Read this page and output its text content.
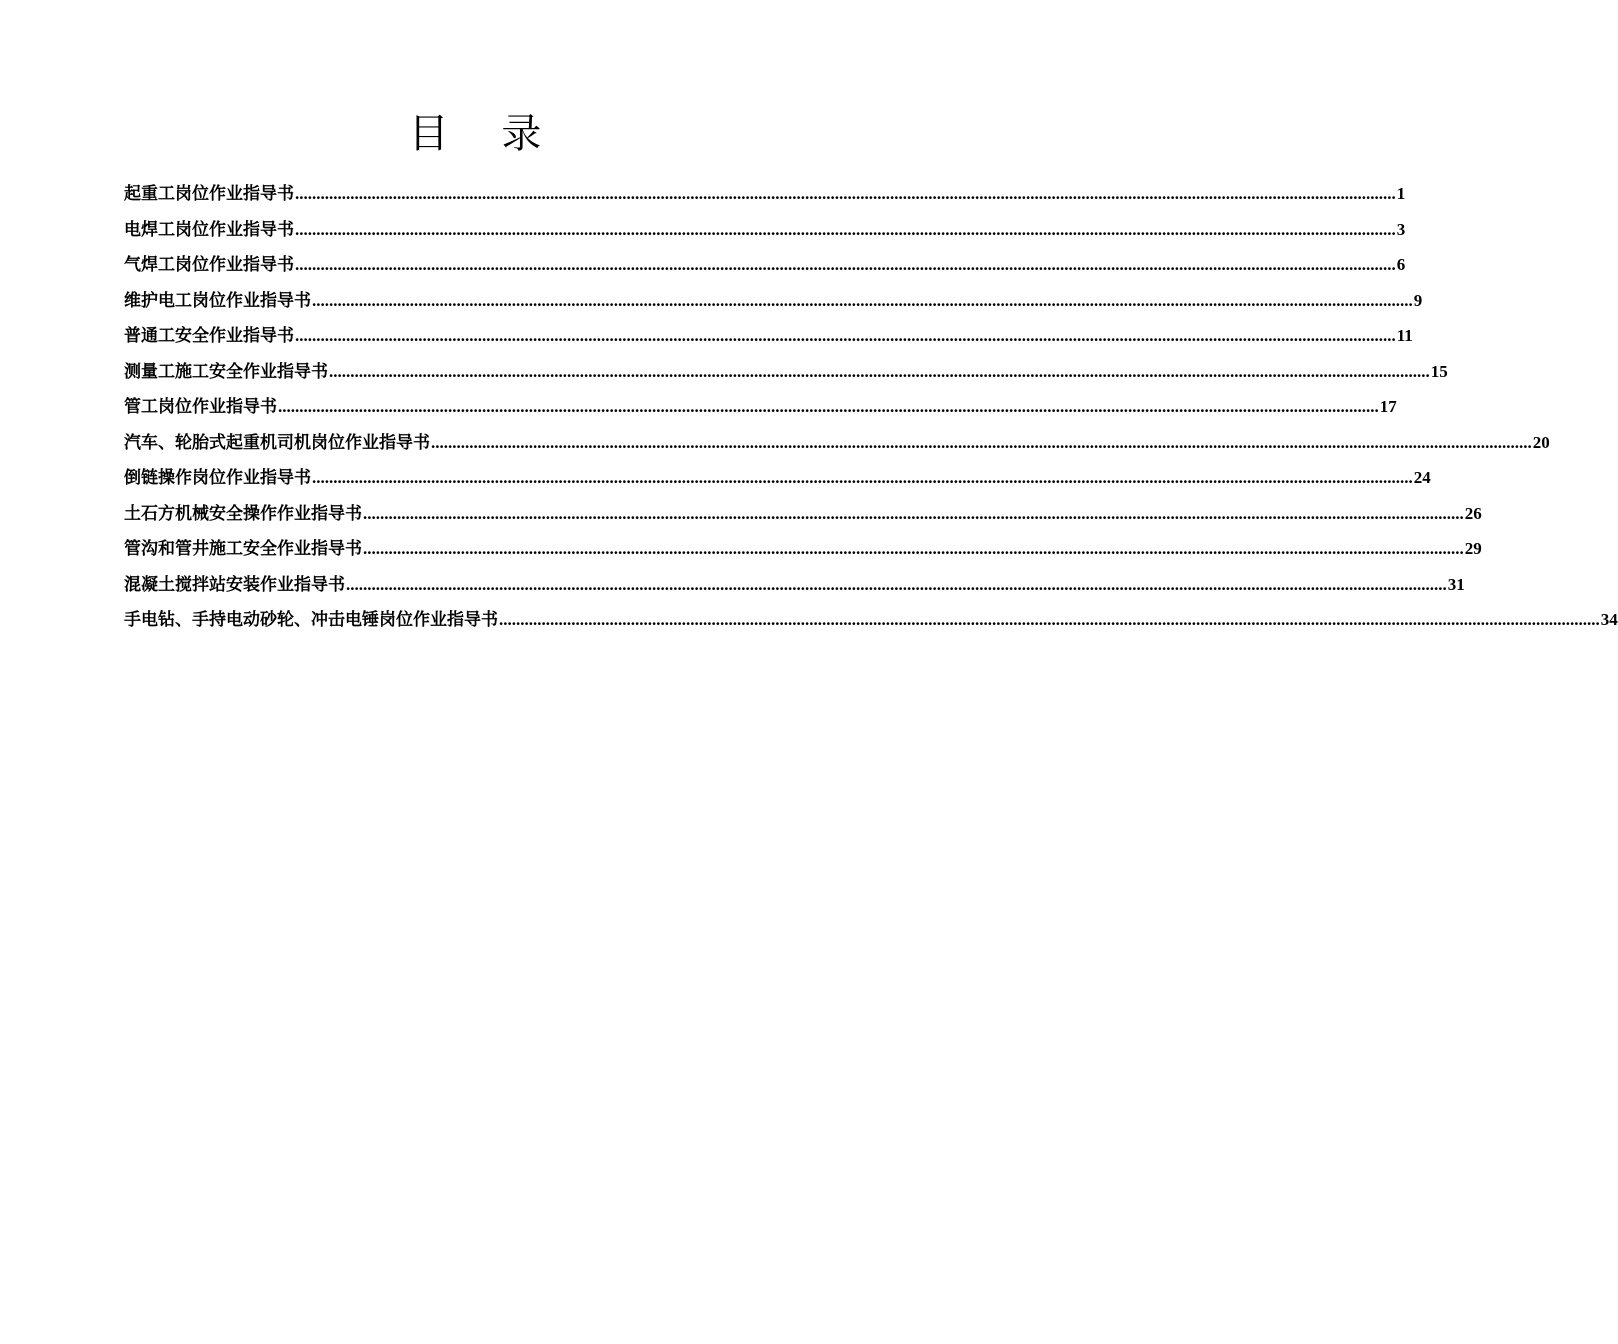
目 录
起重工岗位作业指导书 ................................................................................................................................................................................................................................................................... 1
电焊工岗位作业指导书 ................................................................................................................................................................................................................................................................... 3
气焊工岗位作业指导书 ................................................................................................................................................................................................................................................................... 6
维护电工岗位作业指导书 ................................................................................................................................................................................................................................................................... 9
普通工安全作业指导书 ................................................................................................................................................................................................................................................................... 11
测量工施工安全作业指导书 ................................................................................................................................................................................................................................................................... 15
管工岗位作业指导书 ................................................................................................................................................................................................................................................................... 17
汽车、轮胎式起重机司机岗位作业指导书 ................................................................................................................................................................................................................................................................... 20
倒链操作岗位作业指导书 ................................................................................................................................................................................................................................................................... 24
土石方机械安全操作作业指导书 ................................................................................................................................................................................................................................................................... 26
管沟和管井施工安全作业指导书 ................................................................................................................................................................................................................................................................... 29
混凝土搅拌站安装作业指导书 ................................................................................................................................................................................................................................................................... 31
手电钻、手持电动砂轮、冲击电锤岗位作业指导书 ................................................................................................................................................................................................................................................................... 34
